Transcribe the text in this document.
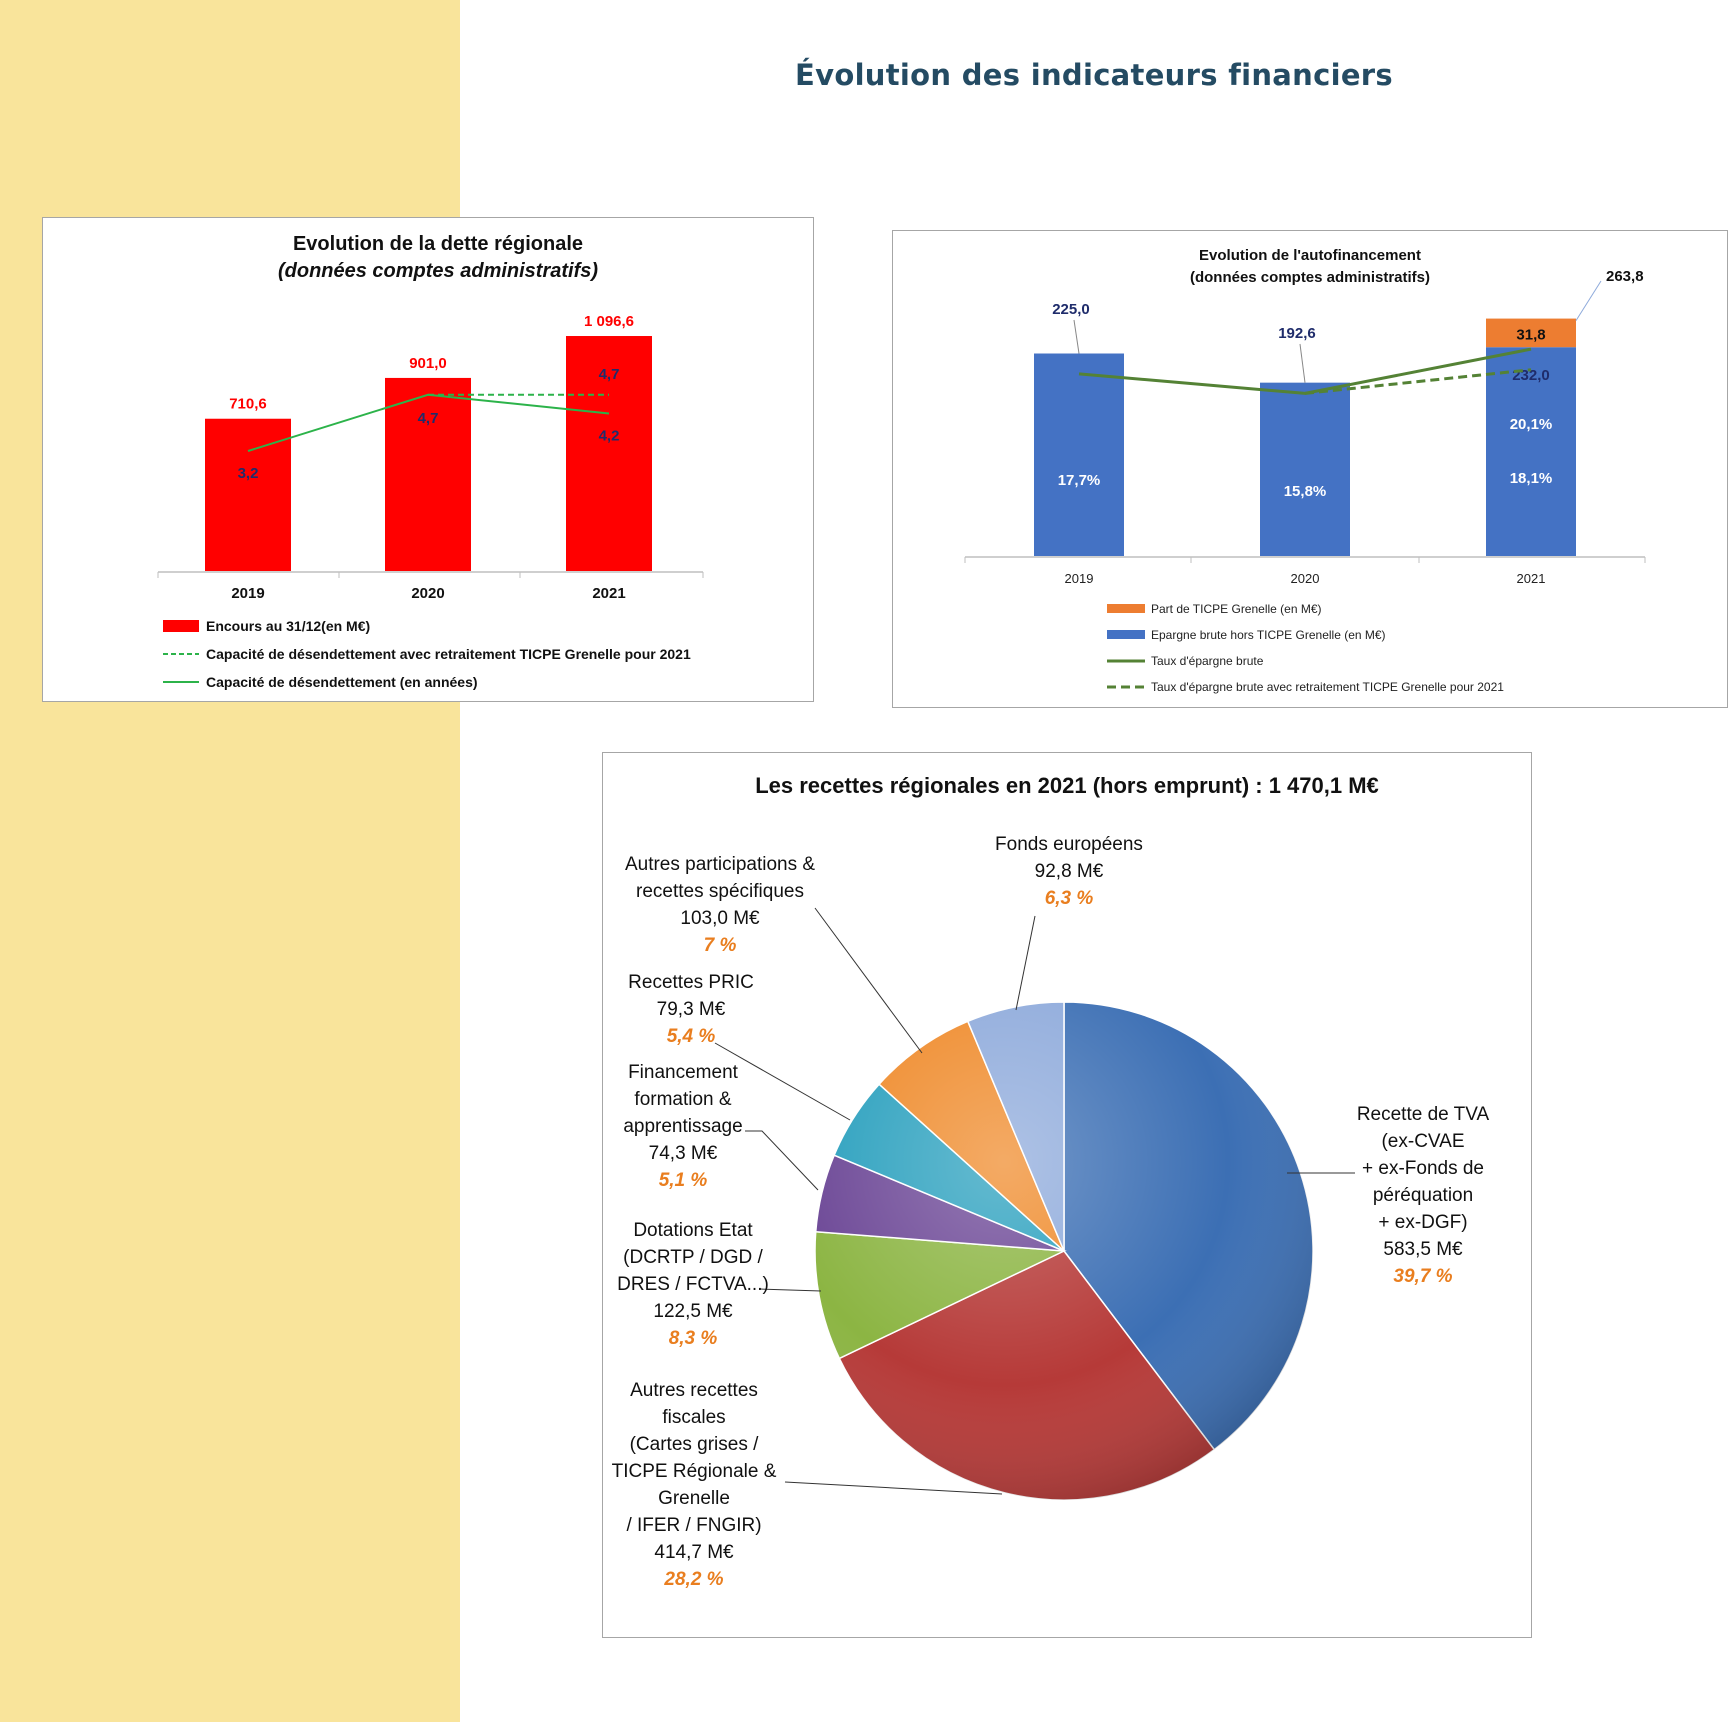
Évolution des indicateurs financiers
Evolution de la dette régionale
(données comptes administratifs)
710,6
2019
901,0
2020
1 096,6
2021
3,2
4,7
4,2
4,7
Encours au 31/12(en M€)
Capacité de désendettement avec retraitement TICPE Grenelle pour 2021
Capacité de désendettement (en années)
Evolution de l'autofinancement
(données comptes administratifs)
2019	2020	2021
31,8
232,0
263,8
225,0
192,6
17,7%
15,8%
20,1%
18,1%
Part de TICPE Grenelle (en M€)
Epargne brute hors TICPE Grenelle (en M€)
Taux d'épargne brute
Taux d'épargne brute avec retraitement TICPE Grenelle pour 2021
Les recettes régionales en 2021 (hors emprunt) : 1 470,1 M€
Recette de TVA
(ex-CVAE
+ ex-Fonds de
péréquation
+ ex-DGF)
583,5 M€
39,7 %
Autres recettes
fiscales
(Cartes grises /
TICPE Régionale &
Grenelle
/ IFER / FNGIR)
414,7 M€
28,2 %
Dotations Etat
(DCRTP / DGD /
DRES / FCTVA...)
122,5 M€
8,3 %
Financement
formation &
apprentissage
74,3 M€
5,1 %
Recettes PRIC
79,3 M€
5,4 %
Autres participations &
recettes spécifiques
103,0 M€
7 %
Fonds européens
92,8 M€
6,3 %
